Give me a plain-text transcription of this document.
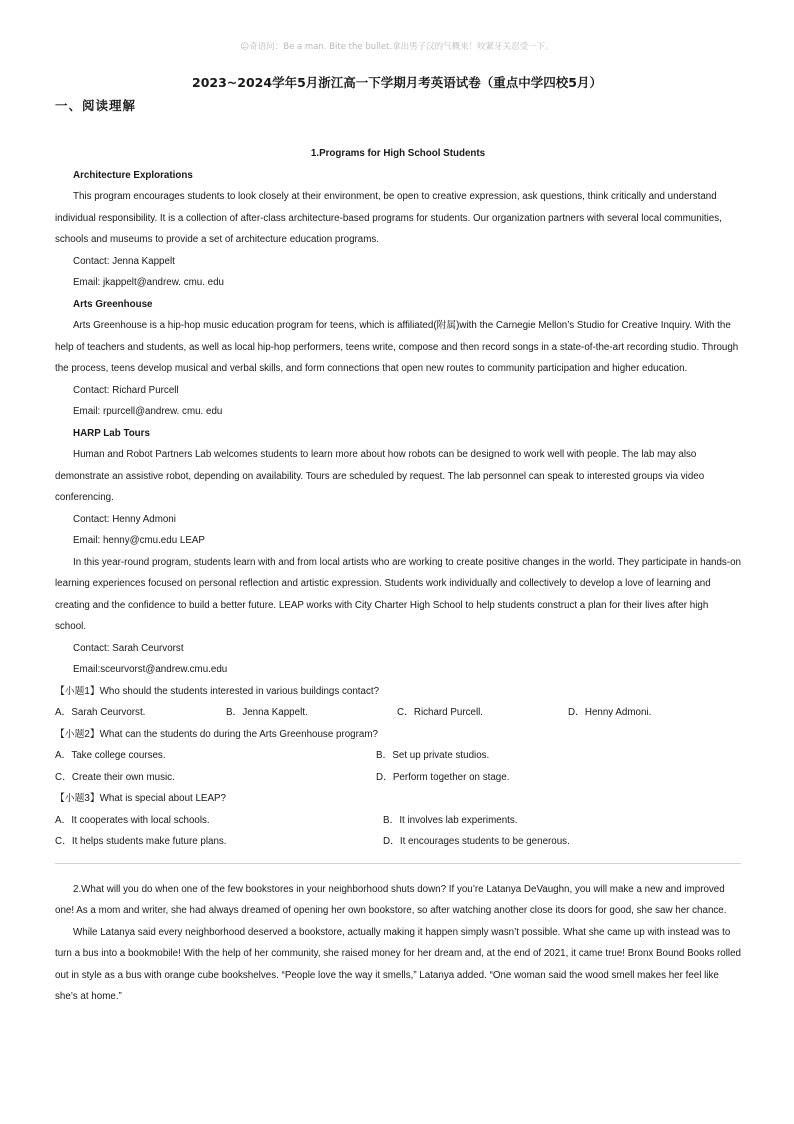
☺奇语问：Be a man. Bite the bullet.拿出男子汉的气概来！咬紧牙关忍受一下。
2023~2024学年5月浙江高一下学期月考英语试卷（重点中学四校5月）
一、阅读理解

1.Programs for High School Students

Architecture Explorations

This program encourages students to look closely at their environment, be open to creative expression, ask questions, think critically and understand individual responsibility. It is a collection of after-class architecture-based programs for students. Our organization partners with several local communities, schools and museums to provide a set of architecture education programs.

Contact: Jenna Kappelt

Email: jkappelt@andrew. cmu. edu

Arts Greenhouse

Arts Greenhouse is a hip-hop music education program for teens, which is affiliated(附属)with the Carnegie Mellon’s Studio for Creative Inquiry. With the help of teachers and students, as well as local hip-hop performers, teens write, compose and then record songs in a state-of-the-art recording studio. Through the process, teens develop musical and verbal skills, and form connections that open new routes to community participation and higher education.

Contact: Richard Purcell

Email: rpurcell@andrew. cmu. edu

HARP Lab Tours

Human and Robot Partners Lab welcomes students to learn more about how robots can be designed to work well with people. The lab may also demonstrate an assistive robot, depending on availability. Tours are scheduled by request. The lab personnel can speak to interested groups via video conferencing.

Contact: Henny Admoni

Email: henny@cmu.edu LEAP

In this year-round program, students learn with and from local artists who are working to create positive changes in the world. They participate in hands-on learning experiences focused on personal reflection and artistic expression. Students work individually and collectively to develop a love of learning and creating and the confidence to build a better future. LEAP works with City Charter High School to help students construct a plan for their lives after high school.

Contact: Sarah Ceurvorst

Email:sceurvorst@andrew.cmu.edu

【小题1】Who should the students interested in various buildings contact?

A．Sarah Ceurvorst.	B．Jenna Kappelt.	C．Richard Purcell.	D．Henny Admoni.

【小题2】What can the students do during the Arts Greenhouse program?

A．Take college courses.	B．Set up private studios.
C．Create their own music.	D．Perform together on stage.

【小题3】What is special about LEAP?

A．It cooperates with local schools.	B．It involves lab experiments.
C．It helps students make future plans.	D．It encourages students to be generous.

2.What will you do when one of the few bookstores in your neighborhood shuts down? If you’re Latanya DeVaughn, you will make a new and improved one! As a mom and writer, she had always dreamed of opening her own bookstore, so after watching another close its doors for good, she saw her chance.

While Latanya said every neighborhood deserved a bookstore, actually making it happen simply wasn’t possible. What she came up with instead was to turn a bus into a bookmobile! With the help of her community, she raised money for her dream and, at the end of 2021, it came true! Bronx Bound Books rolled out in style as a bus with orange cube bookshelves. “People love the way it smells,” Latanya added. “One woman said the wood smell makes her feel like she’s at home.”
